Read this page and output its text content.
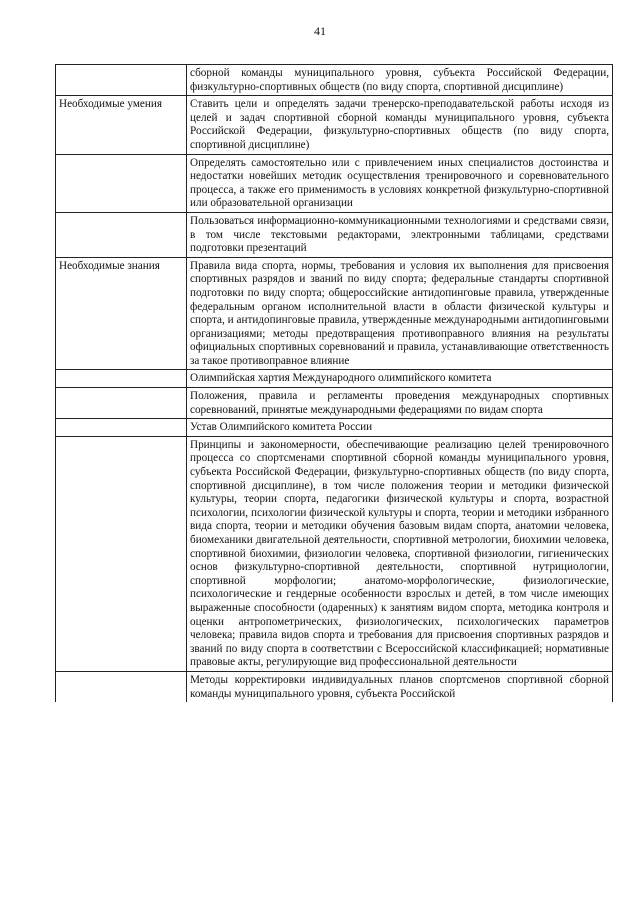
41
	сборной команды муниципального уровня, субъекта Российской Федерации, физкультурно-спортивных обществ (по виду спорта, спортивной дисциплине)
Необходимые умения	Ставить цели и определять задачи тренерско-преподавательской работы исходя из целей и задач спортивной сборной команды муниципального уровня, субъекта Российской Федерации, физкультурно-спортивных обществ (по виду спорта, спортивной дисциплине)
	Определять самостоятельно или с привлечением иных специалистов достоинства и недостатки новейших методик осуществления тренировочного и соревновательного процесса, а также его применимость в условиях конкретной физкультурно-спортивной или образовательной организации
	Пользоваться информационно-коммуникационными технологиями и средствами связи, в том числе текстовыми редакторами, электронными таблицами, средствами подготовки презентаций
Необходимые знания	Правила вида спорта, нормы, требования и условия их выполнения для присвоения спортивных разрядов и званий по виду спорта; федеральные стандарты спортивной подготовки по виду спорта; общероссийские антидопинговые правила, утвержденные федеральным органом исполнительной власти в области физической культуры и спорта, и антидопинговые правила, утвержденные международными антидопинговыми организациями; методы предотвращения противоправного влияния на результаты официальных спортивных соревнований и правила, устанавливающие ответственность за такое противоправное влияние
	Олимпийская хартия Международного олимпийского комитета
	Положения, правила и регламенты проведения международных спортивных соревнований, принятые международными федерациями по видам спорта
	Устав Олимпийского комитета России
	Принципы и закономерности, обеспечивающие реализацию целей тренировочного процесса со спортсменами спортивной сборной команды муниципального уровня, субъекта Российской Федерации, физкультурно-спортивных обществ (по виду спорта, спортивной дисциплине), в том числе положения теории и методики физической культуры, теории спорта, педагогики физической культуры и спорта, возрастной психологии, психологии физической культуры и спорта, теории и методики избранного вида спорта, теории и методики обучения базовым видам спорта, анатомии человека, биомеханики двигательной деятельности, спортивной метрологии, биохимии человека, спортивной биохимии, физиологии человека, спортивной физиологии, гигиенических основ физкультурно-спортивной деятельности, спортивной нутрициологии, спортивной морфологии; анатомо-морфологические, физиологические, психологические и гендерные особенности взрослых и детей, в том числе имеющих выраженные способности (одаренных) к занятиям видом спорта, методика контроля и оценки антропометрических, физиологических, психологических параметров человека; правила видов спорта и требования для присвоения спортивных разрядов и званий по виду спорта в соответствии с Всероссийской классификацией; нормативные правовые акты, регулирующие вид профессиональной деятельности
	Методы корректировки индивидуальных планов спортсменов спортивной сборной команды муниципального уровня, субъекта Российской
